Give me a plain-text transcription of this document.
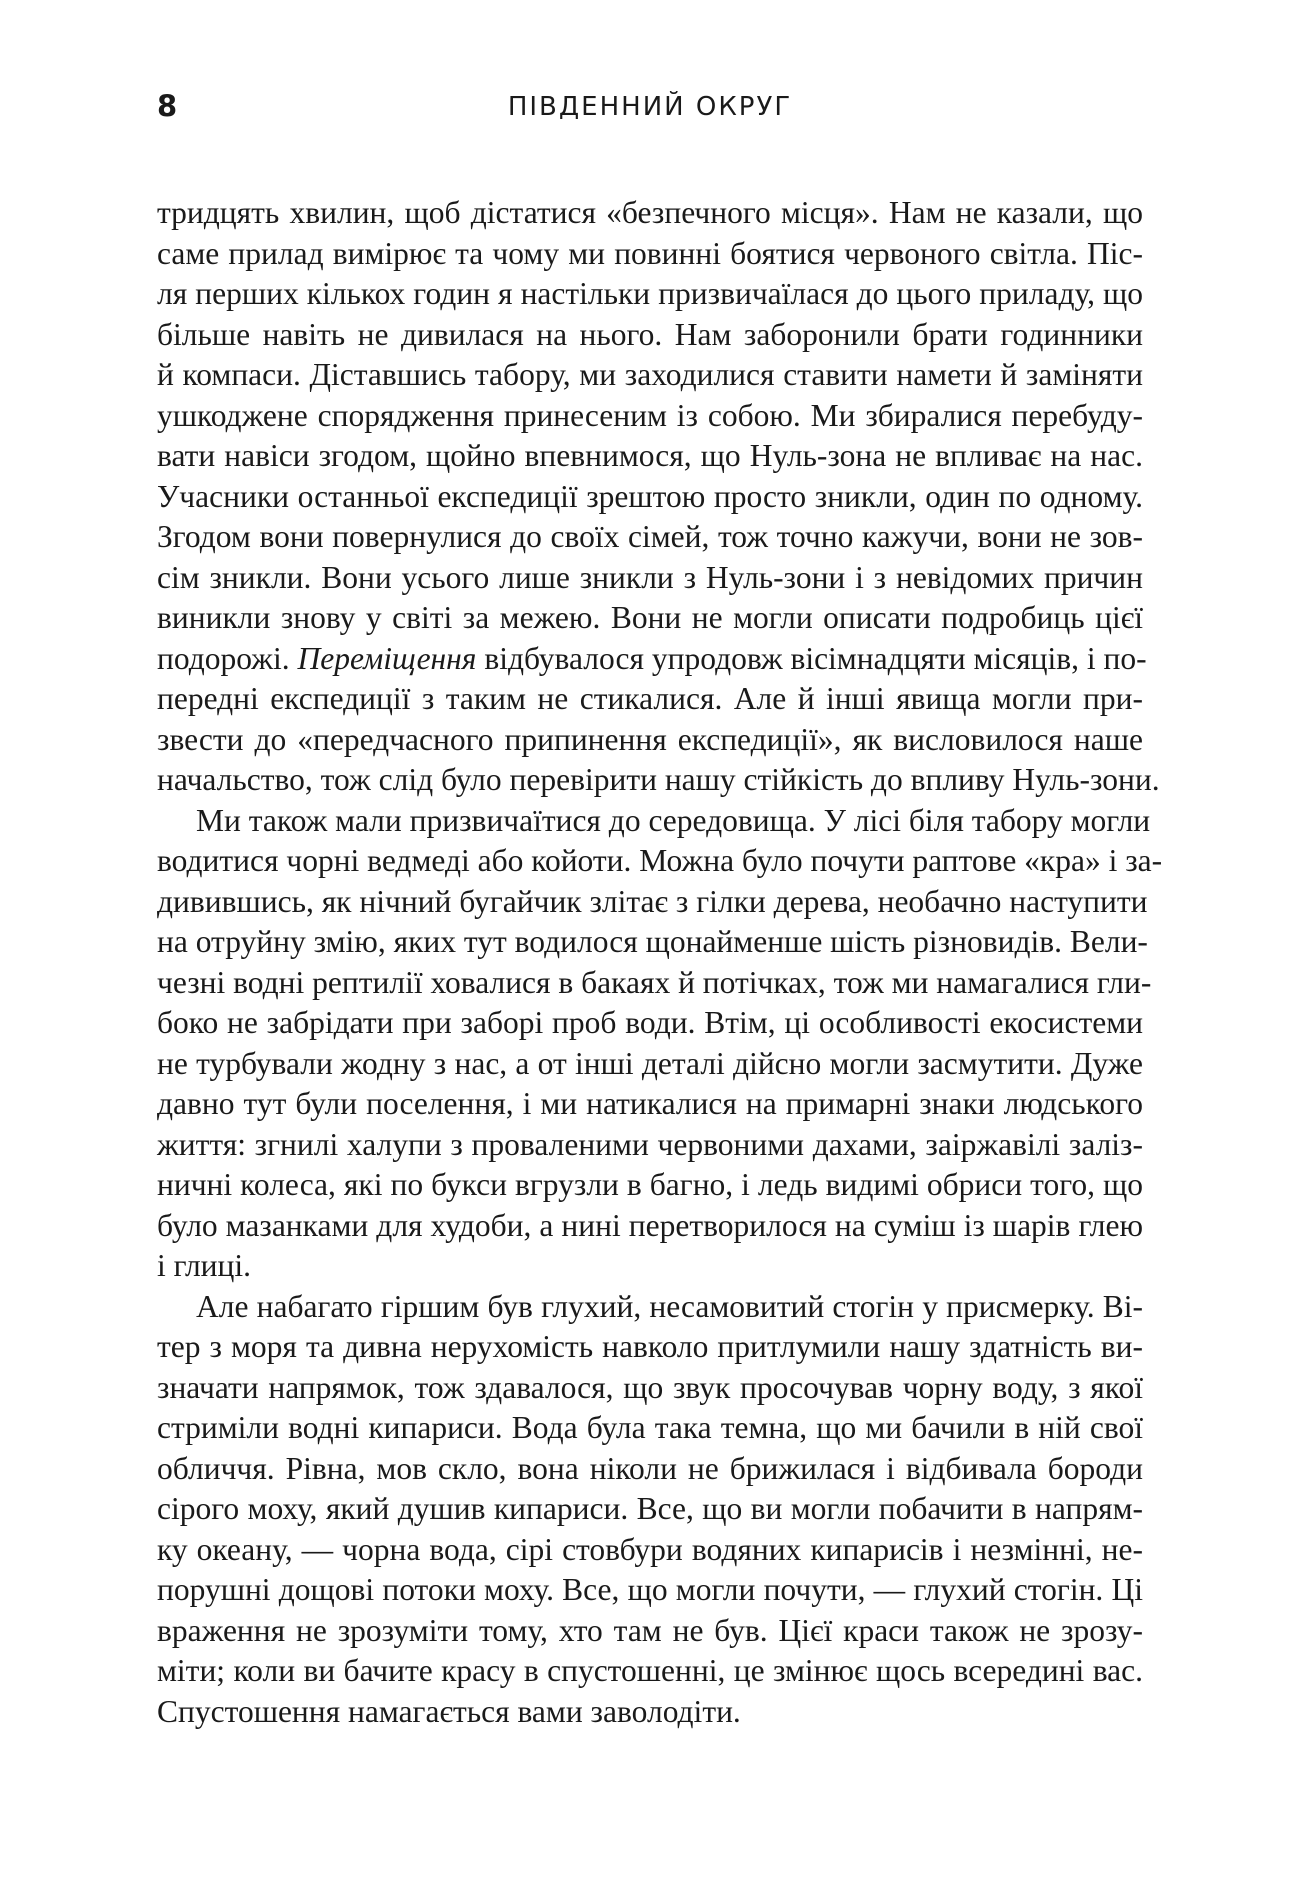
8	ПІВДЕННИЙ ОКРУГ
тридцять хвилин, щоб дістатися «безпечного місця». Нам не казали, що
саме прилад вимірює та чому ми повинні боятися червоного світла. Піс-
ля перших кількох годин я настільки призвичаїлася до цього приладу, що
більше навіть не дивилася на нього. Нам заборонили брати годинники
й компаси. Діставшись табору, ми заходилися ставити намети й заміняти
ушкоджене спорядження принесеним із собою. Ми збиралися перебуду-
вати навіси згодом, щойно впевнимося, що Нуль-зона не впливає на нас.
Учасники останньої експедиції зрештою просто зникли, один по одному.
Згодом вони повернулися до своїх сімей, тож точно кажучи, вони не зов-
сім зникли. Вони усього лише зникли з Нуль-зони і з невідомих причин
виникли знову у світі за межею. Вони не могли описати подробиць цієї
подорожі. Переміщення відбувалося упродовж вісімнадцяти місяців, і по-
передні експедиції з таким не стикалися. Але й інші явища могли при-
звести до «передчасного припинення експедиції», як висловилося наше
начальство, тож слід було перевірити нашу стійкість до впливу Нуль-зони.
Ми також мали призвичаїтися до середовища. У лісі біля табору могли
водитися чорні ведмеді або койоти. Можна було почути раптове «кра» і за-
дивившись, як нічний бугайчик злітає з гілки дерева, необачно наступити
на отруйну змію, яких тут водилося щонайменше шість різновидів. Вели-
чезні водні рептилії ховалися в бакаях й потічках, тож ми намагалися гли-
боко не забрідати при заборі проб води. Втім, ці особливості екосистеми
не турбували жодну з нас, а от інші деталі дійсно могли засмутити. Дуже
давно тут були поселення, і ми натикалися на примарні знаки людського
життя: згнилі халупи з проваленими червоними дахами, заіржавілі заліз-
ничні колеса, які по букси вгрузли в багно, і ледь видимі обриси того, що
було мазанками для худоби, а нині перетворилося на суміш із шарів глею
і глиці.
Але набагато гіршим був глухий, несамовитий стогін у присмерку. Ві-
тер з моря та дивна нерухомість навколо притлумили нашу здатність ви-
значати напрямок, тож здавалося, що звук просочував чорну воду, з якої
стриміли водні кипариси. Вода була така темна, що ми бачили в ній свої
обличчя. Рівна, мов скло, вона ніколи не брижилася і відбивала бороди
сірого моху, який душив кипариси. Все, що ви могли побачити в напрям-
ку океану, — чорна вода, сірі стовбури водяних кипарисів і незмінні, не-
порушні дощові потоки моху. Все, що могли почути, — глухий стогін. Ці
враження не зрозуміти тому, хто там не був. Цієї краси також не зрозу-
міти; коли ви бачите красу в спустошенні, це змінює щось всередині вас.
Спустошення намагається вами заволодіти.
